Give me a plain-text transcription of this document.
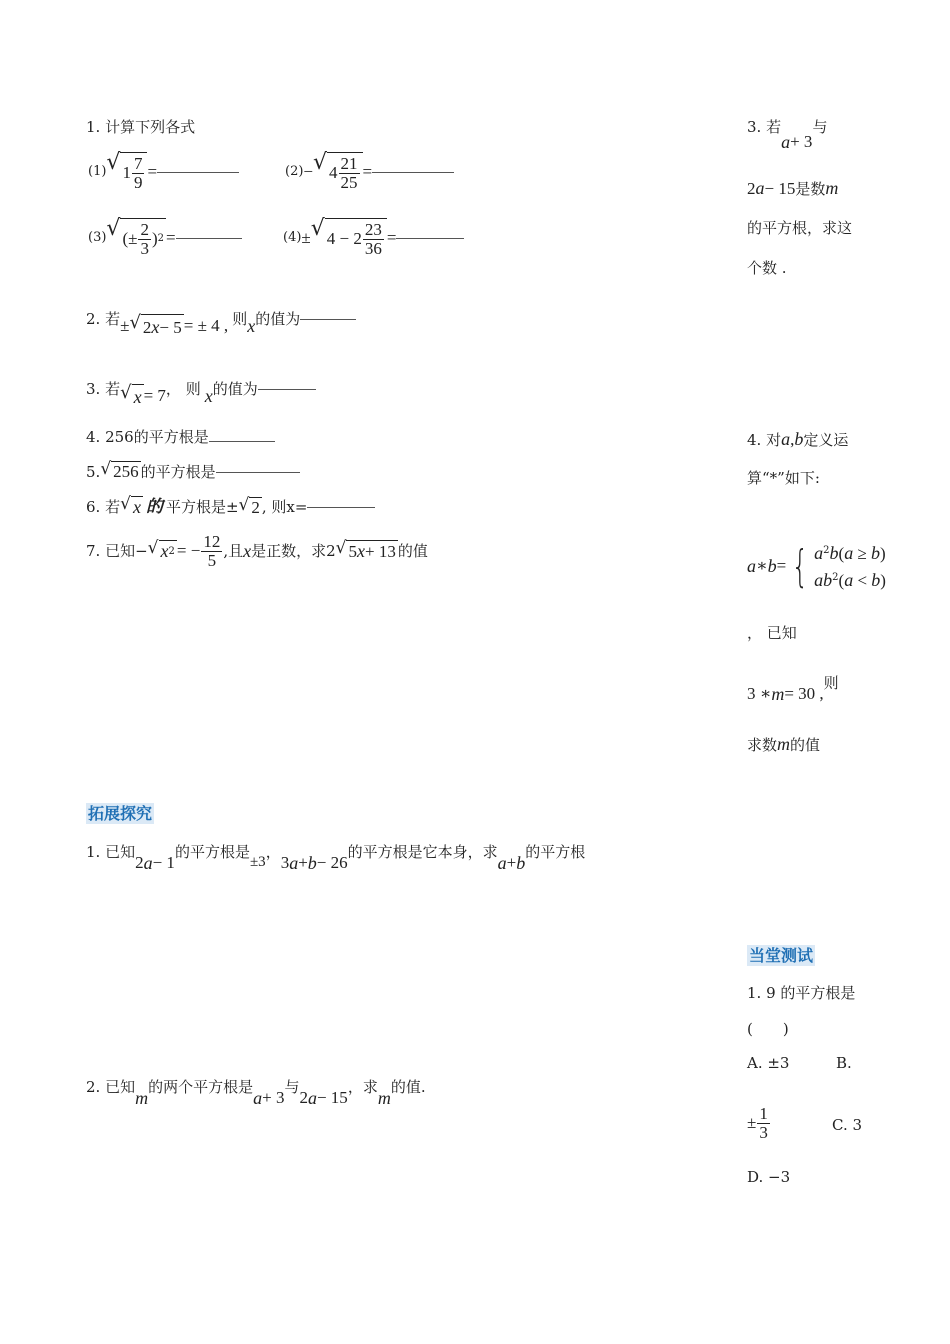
1. 计算下列各式
(1) √ $1 \frac{7}{9}$ =	(2) − √ $4 \frac{21}{25}$ =
(3) √ (± $\frac{2}{3}$ ) 2 =	(4) ± √ $4 - 2 \frac{23}{36}$ =
2. 若 ± √ 2 x − 5 = ± 4 , 则 x 的值为
3. 若 √ x = 7 ， 则 x 的值为
4. 256的平方根是
5. √ 256 的平方根是
6. 若 √ x 的 平方根是± √ 2 , 则x=
7. 已知− √ x 2 = − $\frac{12}{5}$ ,且 x 是正数，求2 √ 5 x + 13 的值
拓展探究
1. 已知
2 a − 1
的平方根是
±3
，
3 a + b − 26
的平方根是它本身，求
a + b
的平方根
2. 已知
m
的两个平方根是
a + 3
与
2 a − 15
，求
m
的值.
3. 若
a + 3
与
2 a − 15 是数 m
的平方根，求这
个数 .
4. 对 a , b 定义运
算“*”如下:
a ∗ b = { $a^2b(a \ge b)$
$ab^2(a < b)$
， 已知
3 ∗ m = 30 ,
则
求数 m 的值
当堂测试
1. 9 的平方根是
(　　)
A. ±3	B.
± $\frac{1}{3}$	C. 3
D. −3
